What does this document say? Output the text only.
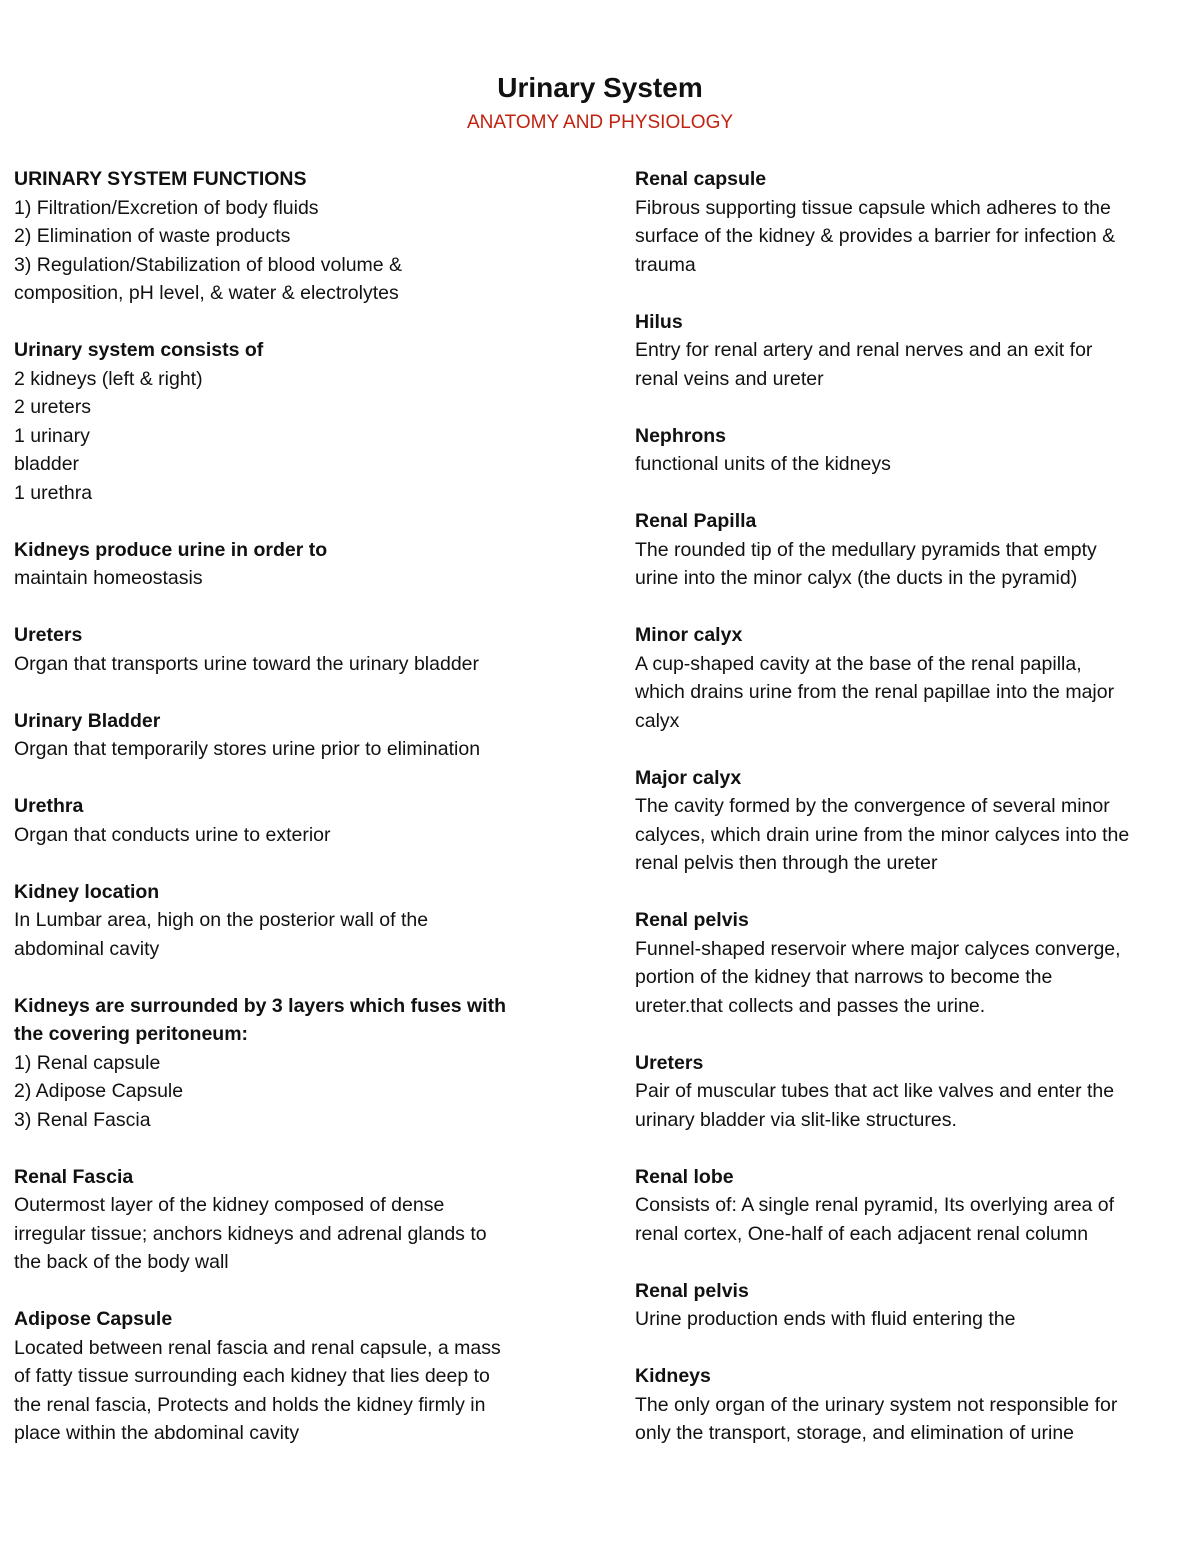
Urinary System
ANATOMY AND PHYSIOLOGY
URINARY SYSTEM FUNCTIONS
1) Filtration/Excretion of body fluids
2) Elimination of waste products
3) Regulation/Stabilization of blood volume &
composition, pH level, & water & electrolytes
Urinary system consists of
2 kidneys (left & right)
2 ureters
1 urinary
bladder
1 urethra
Kidneys produce urine in order to
maintain homeostasis
Ureters
Organ that transports urine toward the urinary bladder
Urinary Bladder
Organ that temporarily stores urine prior to elimination
Urethra
Organ that conducts urine to exterior
Kidney location
In Lumbar area, high on the posterior wall of the
abdominal cavity
Kidneys are surrounded by 3 layers which fuses with
the covering peritoneum:
1) Renal capsule
2) Adipose Capsule
3) Renal Fascia
Renal Fascia
Outermost layer of the kidney composed of dense
irregular tissue; anchors kidneys and adrenal glands to
the back of the body wall
Adipose Capsule
Located between renal fascia and renal capsule, a mass
of fatty tissue surrounding each kidney that lies deep to
the renal fascia, Protects and holds the kidney firmly in
place within the abdominal cavity
Renal capsule
Fibrous supporting tissue capsule which adheres to the
surface of the kidney & provides a barrier for infection &
trauma
Hilus
Entry for renal artery and renal nerves and an exit for
renal veins and ureter
Nephrons
functional units of the kidneys
Renal Papilla
The rounded tip of the medullary pyramids that empty
urine into the minor calyx (the ducts in the pyramid)
Minor calyx
A cup-shaped cavity at the base of the renal papilla,
which drains urine from the renal papillae into the major
calyx
Major calyx
The cavity formed by the convergence of several minor
calyces, which drain urine from the minor calyces into the
renal pelvis then through the ureter
Renal pelvis
Funnel-shaped reservoir where major calyces converge,
portion of the kidney that narrows to become the
ureter.that collects and passes the urine.
Ureters
Pair of muscular tubes that act like valves and enter the
urinary bladder via slit-like structures.
Renal lobe
Consists of: A single renal pyramid, Its overlying area of
renal cortex, One-half of each adjacent renal column
Renal pelvis
Urine production ends with fluid entering the
Kidneys
The only organ of the urinary system not responsible for
only the transport, storage, and elimination of urine
